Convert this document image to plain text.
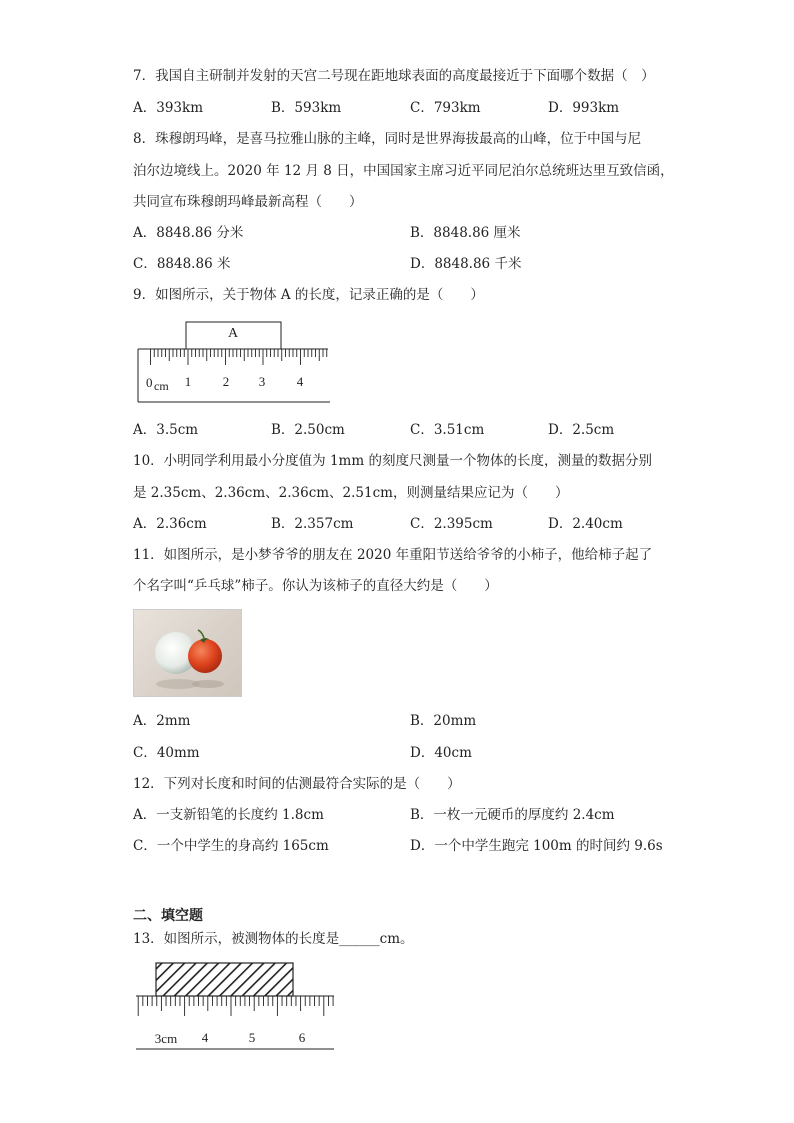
7．我国自主研制并发射的天宫二号现在距地球表面的高度最接近于下面哪个数据（　）
A．393km	B．593km	C．793km	D．993km
8．珠穆朗玛峰，是喜马拉雅山脉的主峰，同时是世界海拔最高的山峰，位于中国与尼
泊尔边境线上。2020 年 12 月 8 日，中国国家主席习近平同尼泊尔总统班达里互致信函，
共同宣布珠穆朗玛峰最新高程（　　）
A．8848.86 分米	B．8848.86 厘米
C．8848.86 米	D．8848.86 千米
9．如图所示，关于物体 A 的长度，记录正确的是（　　）
A
0 cm 1 2 3 4
A．3.5cm	B．2.50cm	C．3.51cm	D．2.5cm
10．小明同学利用最小分度值为 1mm 的刻度尺测量一个物体的长度，测量的数据分别
是 2.35cm、2.36cm、2.36cm、2.51cm，则测量结果应记为（　　）
A．2.36cm	B．2.357cm	C．2.395cm	D．2.40cm
11．如图所示，是小梦爷爷的朋友在 2020 年重阳节送给爷爷的小柿子，他给柿子起了
个名字叫“乒乓球”柿子。你认为该柿子的直径大约是（　　）
A．2mm	B．20mm
C．40mm	D．40cm
12．下列对长度和时间的估测最符合实际的是（　　）
A．一支新铅笔的长度约 1.8cm	B．一枚一元硬币的厚度约 2.4cm
C．一个中学生的身高约 165cm	D．一个中学生跑完 100m 的时间约 9.6s
二、填空题
13．如图所示，被测物体的长度是______cm。
3cm 4	5	6
